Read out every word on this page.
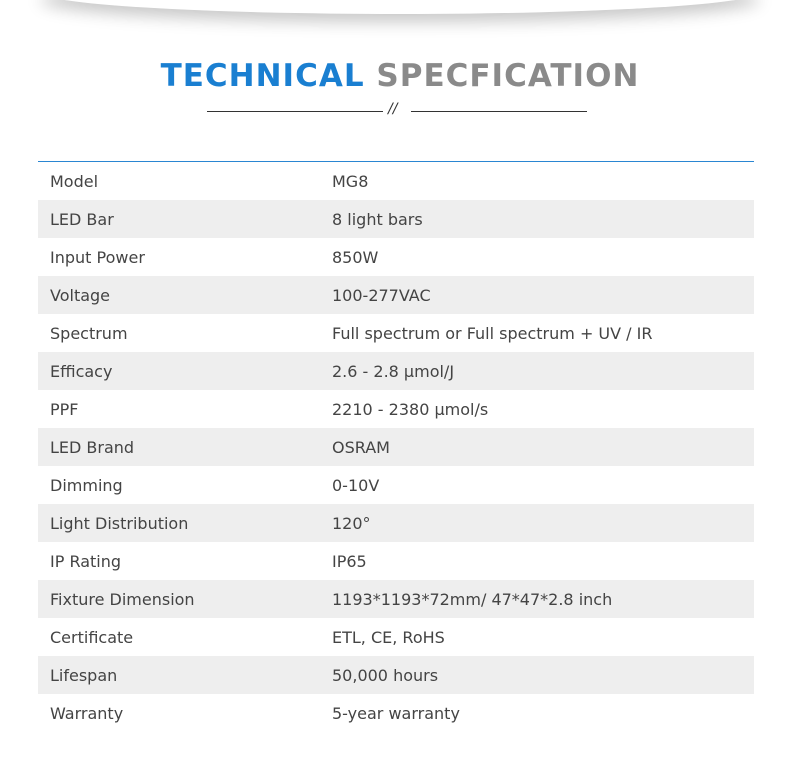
TECHNICAL SPECFICATION
//
Model	MG8
LED Bar	8 light bars
Input Power	850W
Voltage	100-277VAC
Spectrum	Full spectrum or Full spectrum + UV / IR
Efficacy	2.6 - 2.8 μmol/J
PPF	2210 - 2380 μmol/s
LED Brand	OSRAM
Dimming	0-10V
Light Distribution	120°
IP Rating	IP65
Fixture Dimension	1193*1193*72mm/ 47*47*2.8 inch
Certificate	ETL, CE, RoHS
Lifespan	50,000 hours
Warranty	5-year warranty
